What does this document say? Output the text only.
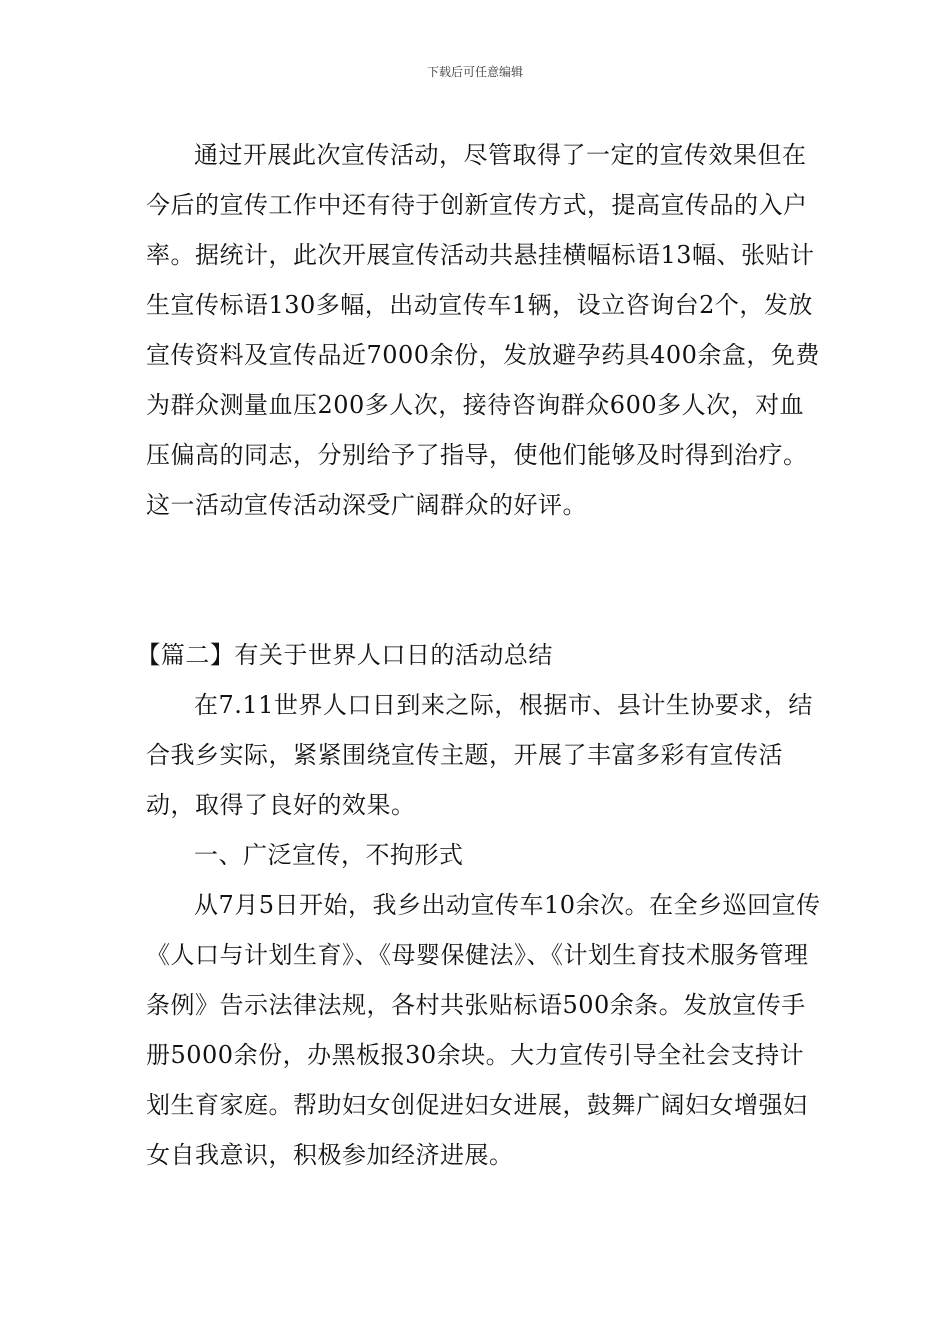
下载后可任意编辑

通过开展此次宣传活动，尽管取得了一定的宣传效果但在今后的宣传工作中还有待于创新宣传方式，提高宣传品的入户率。据统计，此次开展宣传活动共悬挂横幅标语13幅、张贴计生宣传标语130多幅，出动宣传车1辆，设立咨询台2个，发放宣传资料及宣传品近7000余份，发放避孕药具400余盒，免费为群众测量血压200多人次，接待咨询群众600多人次，对血压偏高的同志，分别给予了指导，使他们能够及时得到治疗。这一活动宣传活动深受广阔群众的好评。

【篇二】有关于世界人口日的活动总结

在7.11世界人口日到来之际，根据市、县计生协要求，结合我乡实际，紧紧围绕宣传主题，开展了丰富多彩有宣传活动，取得了良好的效果。

一、广泛宣传，不拘形式

从7月5日开始，我乡出动宣传车10余次。在全乡巡回宣传《人口与计划生育》、《母婴保健法》、《计划生育技术服务管理条例》告示法律法规，各村共张贴标语500余条。发放宣传手册5000余份，办黑板报30余块。大力宣传引导全社会支持计划生育家庭。帮助妇女创促进妇女进展，鼓舞广阔妇女增强妇女自我意识，积极参加经济进展。
